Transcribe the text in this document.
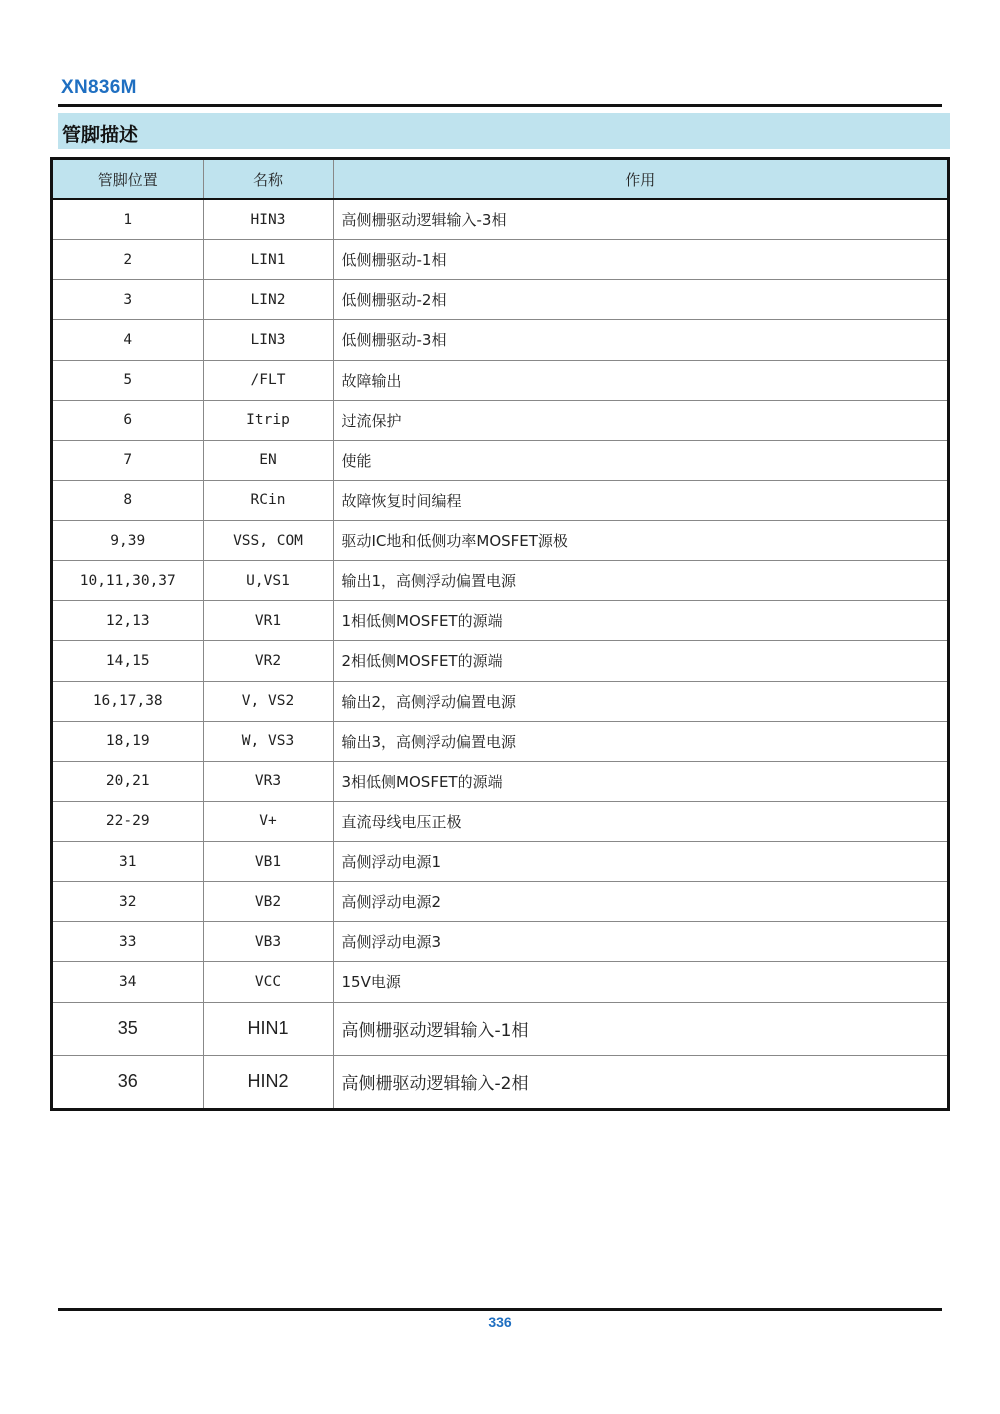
XN836M
管脚描述
管脚位置	名称	作用
1	HIN3	高侧栅驱动逻辑输入-3相
2	LIN1	低侧栅驱动-1相
3	LIN2	低侧栅驱动-2相
4	LIN3	低侧栅驱动-3相
5	/FLT	故障输出
6	Itrip	过流保护
7	EN	使能
8	RCin	故障恢复时间编程
9,39	VSS, COM	驱动IC地和低侧功率MOSFET源极
10,11,30,37	U,VS1	输出1，高侧浮动偏置电源
12,13	VR1	1相低侧MOSFET的源端
14,15	VR2	2相低侧MOSFET的源端
16,17,38	V, VS2	输出2，高侧浮动偏置电源
18,19	W, VS3	输出3，高侧浮动偏置电源
20,21	VR3	3相低侧MOSFET的源端
22-29	V+	直流母线电压正极
31	VB1	高侧浮动电源1
32	VB2	高侧浮动电源2
33	VB3	高侧浮动电源3
34	VCC	15V电源
35	HIN1	高侧栅驱动逻辑输入-1相
36	HIN2	高侧栅驱动逻辑输入-2相
336
